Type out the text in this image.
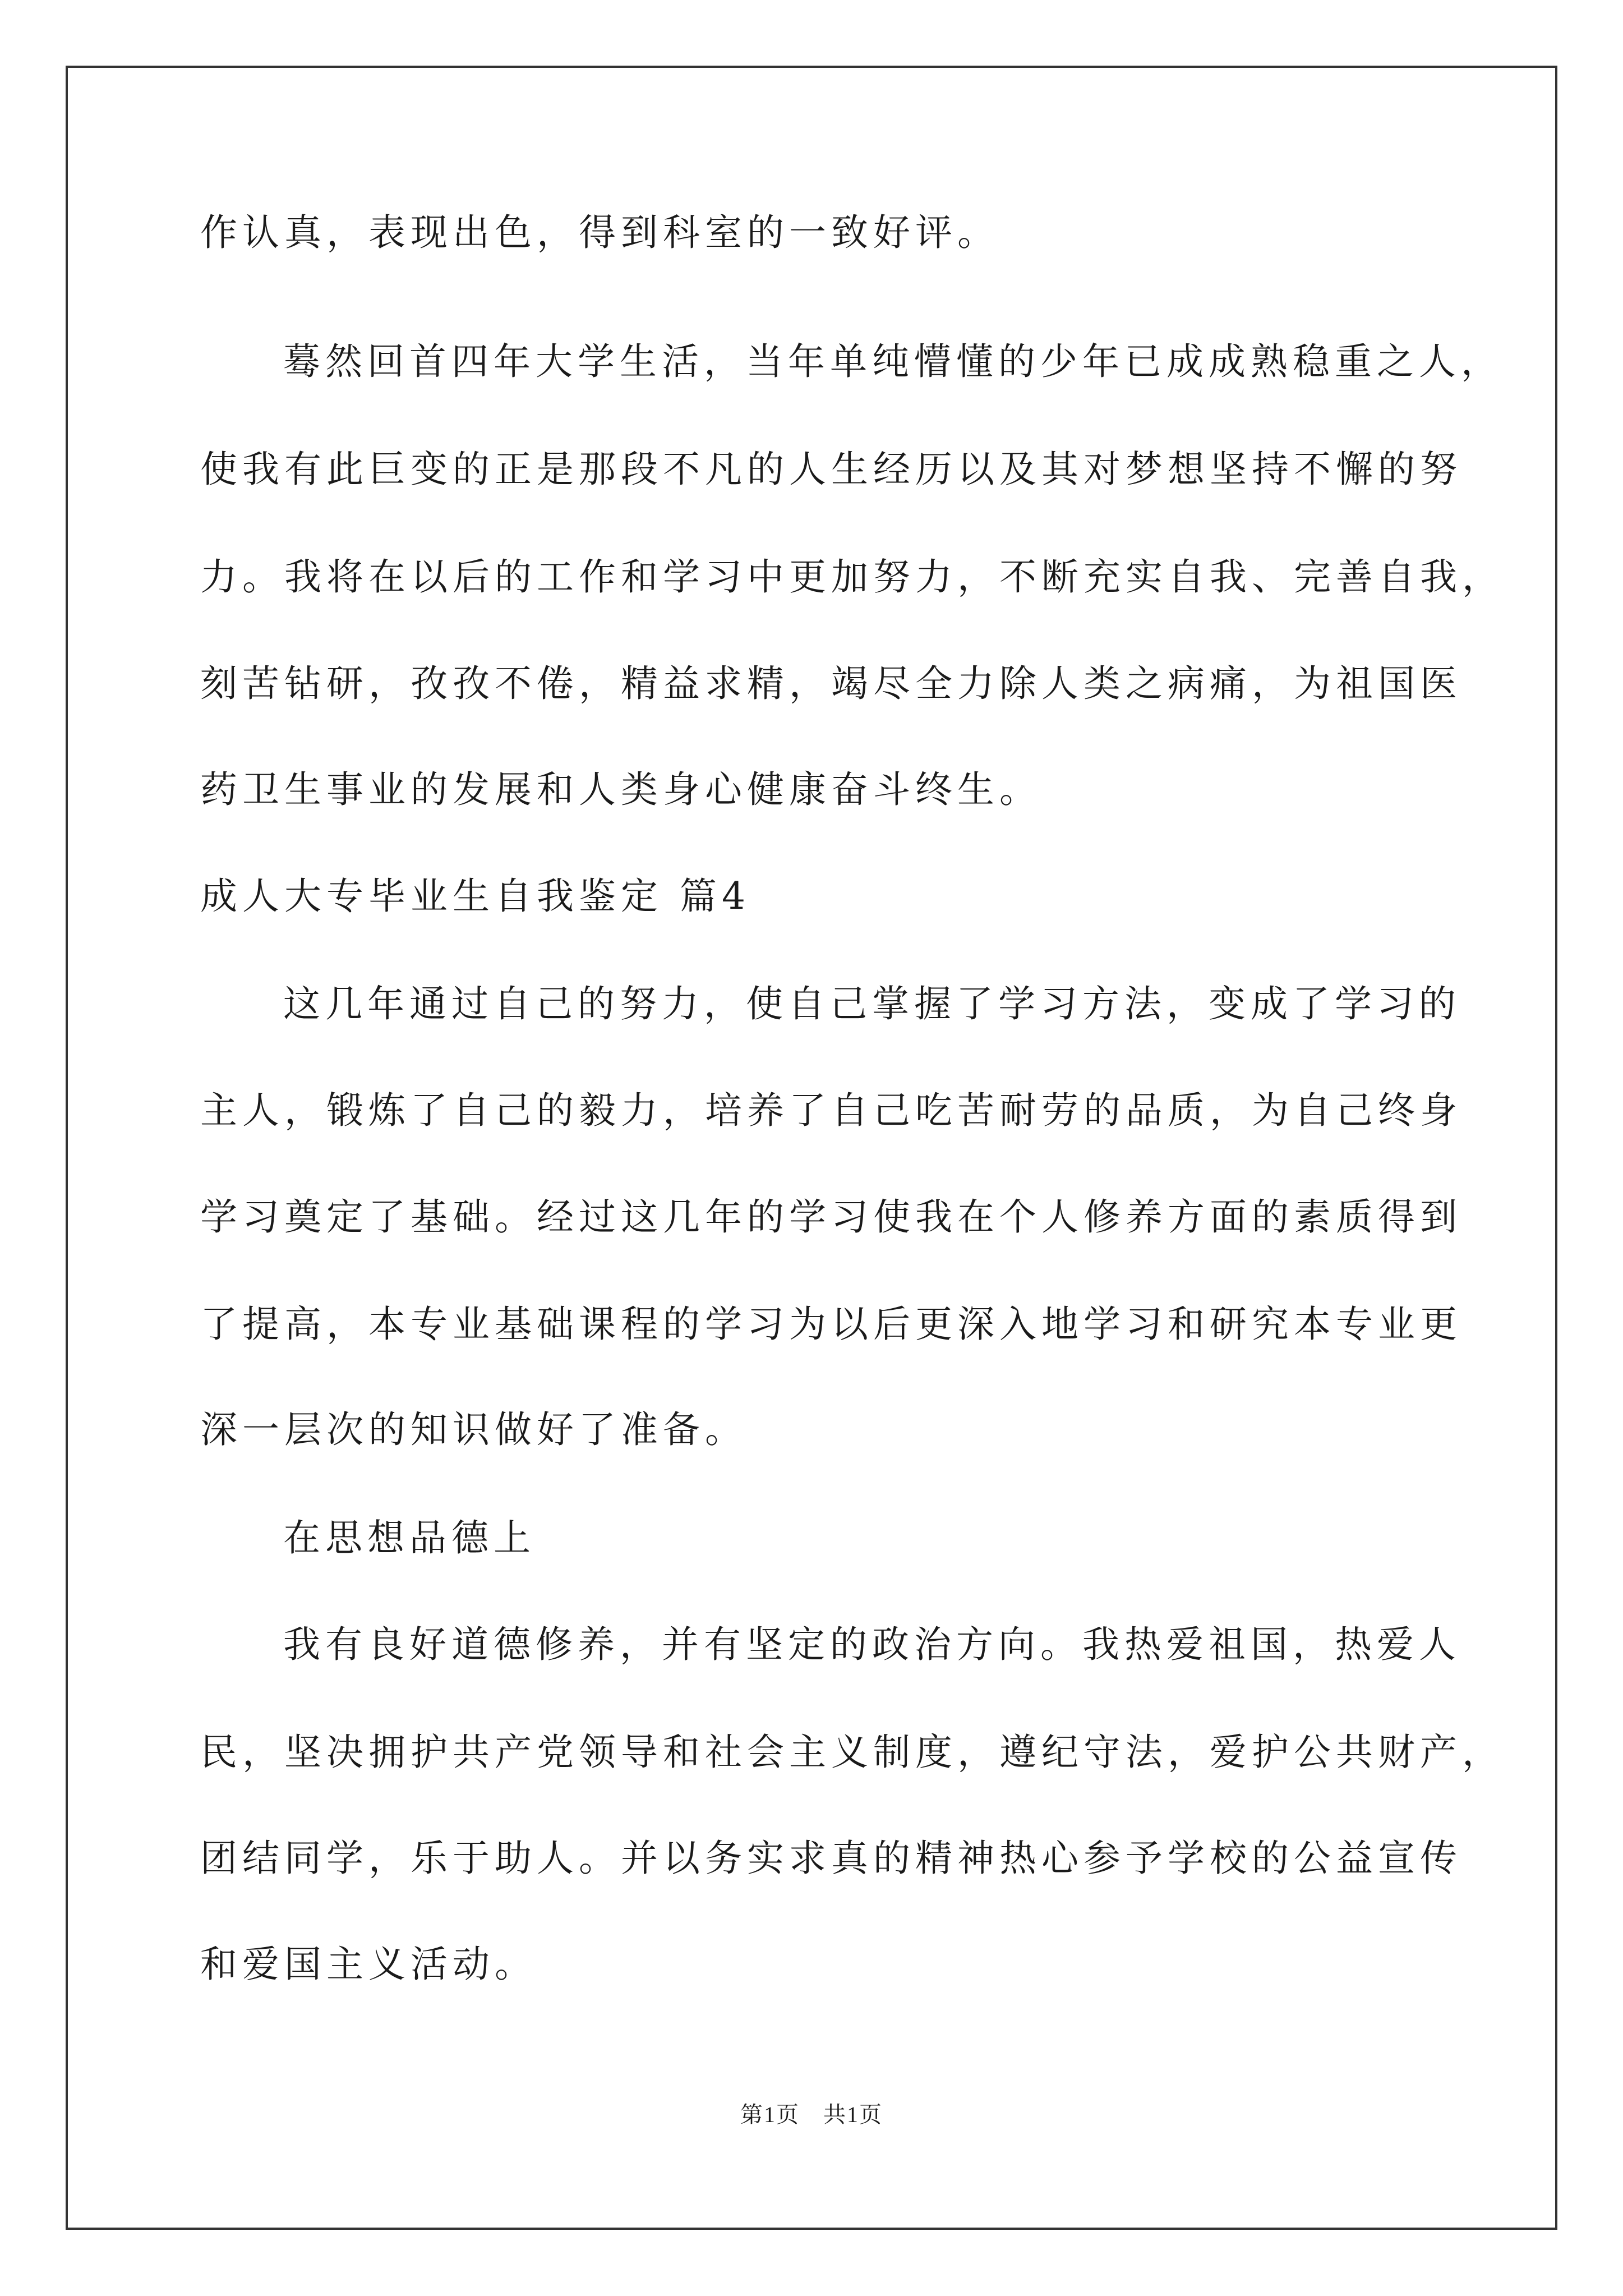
作认真，表现出色，得到科室的一致好评。
蓦然回首四年大学生活，当年单纯懵懂的少年已成成熟稳重之人，
使我有此巨变的正是那段不凡的人生经历以及其对梦想坚持不懈的努
力。我将在以后的工作和学习中更加努力，不断充实自我、完善自我，
刻苦钻研，孜孜不倦，精益求精，竭尽全力除人类之病痛，为祖国医
药卫生事业的发展和人类身心健康奋斗终生。
成人大专毕业生自我鉴定 篇4
这几年通过自己的努力，使自己掌握了学习方法，变成了学习的
主人，锻炼了自己的毅力，培养了自己吃苦耐劳的品质，为自己终身
学习奠定了基础。经过这几年的学习使我在个人修养方面的素质得到
了提高，本专业基础课程的学习为以后更深入地学习和研究本专业更
深一层次的知识做好了准备。
在思想品德上
我有良好道德修养，并有坚定的政治方向。我热爱祖国，热爱人
民，坚决拥护共产党领导和社会主义制度，遵纪守法，爱护公共财产，
团结同学，乐于助人。并以务实求真的精神热心参予学校的公益宣传
和爱国主义活动。
第1页　共1页
